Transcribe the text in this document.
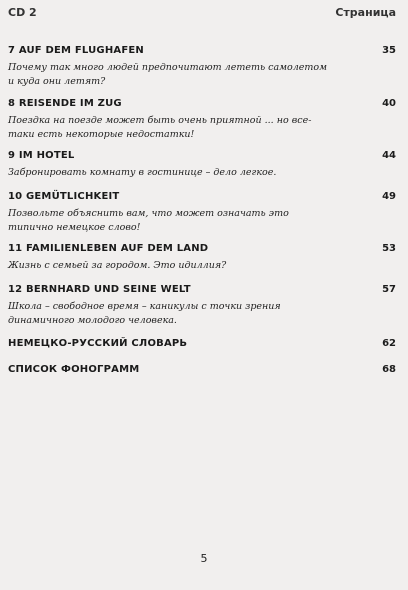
CD 2	Страница
7 AUF DEM FLUGHAFEN	35
Почему так много людей предпочитают лететь самолетом и куда они летят?
8 REISENDE IM ZUG	40
Поездка на поезде может быть очень приятной ... но все-таки есть некоторые недостатки!
9 IM HOTEL	44
Забронировать комнату в гостинице – дело легкое.
10 GEMÜTLICHKEIT	49
Позвольте объяснить вам, что может означать это типично немецкое слово!
11 FAMILIENLEBEN AUF DEM LAND	53
Жизнь с семьей за городом. Это идиллия?
12 BERNHARD UND SEINE WELT	57
Школа – свободное время – каникулы с точки зрения динамичного молодого человека.
НЕМЕЦКО-РУССКИЙ СЛОВАРЬ	62
СПИСОК ФОНОГРАММ	68
5
